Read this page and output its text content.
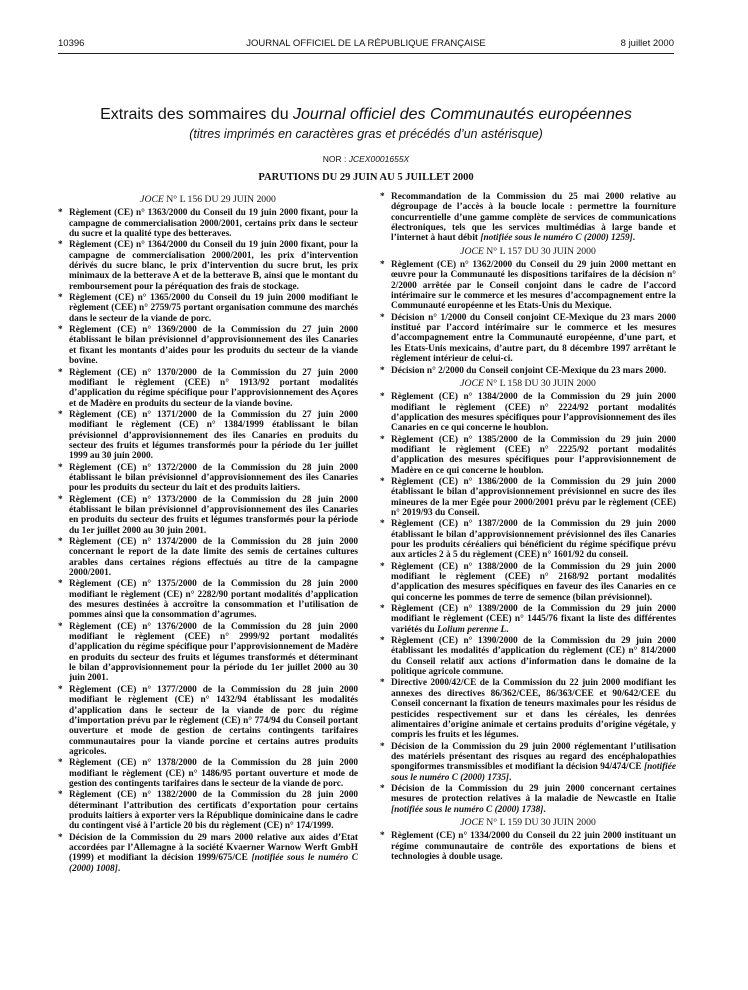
10396	JOURNAL OFFICIEL DE LA RÉPUBLIQUE FRANÇAISE	8 juillet 2000
Extraits des sommaires du Journal officiel des Communautés européennes
(titres imprimés en caractères gras et précédés d’un astérisque)
NOR : JCEX0001655X
PARUTIONS DU 29 JUIN AU 5 JUILLET 2000
JOCE N° L 156 DU 29 JUIN 2000
* Règlement (CE) n° 1363/2000 du Conseil du 19 juin 2000 fixant, pour la campagne de commercialisation 2000/2001, certains prix dans le secteur du sucre et la qualité type des betteraves.
* Règlement (CE) n° 1364/2000 du Conseil du 19 juin 2000 fixant, pour la campagne de commercialisation 2000/2001, les prix d’intervention dérivés du sucre blanc, le prix d’intervention du sucre brut, les prix minimaux de la betterave A et de la betterave B, ainsi que le montant du remboursement pour la péréquation des frais de stockage.
* Règlement (CE) n° 1365/2000 du Conseil du 19 juin 2000 modifiant le règlement (CEE) n° 2759/75 portant organisation commune des marchés dans le secteur de la viande de porc.
* Règlement (CE) n° 1369/2000 de la Commission du 27 juin 2000 établissant le bilan prévisionnel d’approvisionnement des îles Canaries et fixant les montants d’aides pour les produits du secteur de la viande bovine.
* Règlement (CE) n° 1370/2000 de la Commission du 27 juin 2000 modifiant le règlement (CEE) n° 1913/92 portant modalités d’application du régime spécifique pour l’approvisionnement des Açores et de Madère en produits du secteur de la viande bovine.
* Règlement (CE) n° 1371/2000 de la Commission du 27 juin 2000 modifiant le règlement (CE) n° 1384/1999 établissant le bilan prévisionnel d’approvisionnement des îles Canaries en produits du secteur des fruits et légumes transformés pour la période du 1er juillet 1999 au 30 juin 2000.
* Règlement (CE) n° 1372/2000 de la Commission du 28 juin 2000 établissant le bilan prévisionnel d’approvisionnement des îles Canaries pour les produits du secteur du lait et des produits laitiers.
* Règlement (CE) n° 1373/2000 de la Commission du 28 juin 2000 établissant le bilan prévisionnel d’approvisionnement des îles Canaries en produits du secteur des fruits et légumes transformés pour la période du 1er juillet 2000 au 30 juin 2001.
* Règlement (CE) n° 1374/2000 de la Commission du 28 juin 2000 concernant le report de la date limite des semis de certaines cultures arables dans certaines régions effectués au titre de la campagne 2000/2001.
* Règlement (CE) n° 1375/2000 de la Commission du 28 juin 2000 modifiant le règlement (CE) n° 2282/90 portant modalités d’application des mesures destinées à accroître la consommation et l’utilisation de pommes ainsi que la consommation d’agrumes.
* Règlement (CE) n° 1376/2000 de la Commission du 28 juin 2000 modifiant le règlement (CEE) n° 2999/92 portant modalités d’application du régime spécifique pour l’approvisionnement de Madère en produits du secteur des fruits et légumes transformés et déterminant le bilan d’approvisionnement pour la période du 1er juillet 2000 au 30 juin 2001.
* Règlement (CE) n° 1377/2000 de la Commission du 28 juin 2000 modifiant le règlement (CE) n° 1432/94 établissant les modalités d’application dans le secteur de la viande de porc du régime d’importation prévu par le règlement (CE) n° 774/94 du Conseil portant ouverture et mode de gestion de certains contingents tarifaires communautaires pour la viande porcine et certains autres produits agricoles.
* Règlement (CE) n° 1378/2000 de la Commission du 28 juin 2000 modifiant le règlement (CE) n° 1486/95 portant ouverture et mode de gestion des contingents tarifaires dans le secteur de la viande de porc.
* Règlement (CE) n° 1382/2000 de la Commission du 28 juin 2000 déterminant l’attribution des certificats d’exportation pour certains produits laitiers à exporter vers la République dominicaine dans le cadre du contingent visé à l’article 20 bis du règlement (CE) n° 174/1999.
* Décision de la Commission du 29 mars 2000 relative aux aides d’Etat accordées par l’Allemagne à la société Kvaerner Warnow Werft GmbH (1999) et modifiant la décision 1999/675/CE [notifiée sous le numéro C (2000) 1008].
* Recommandation de la Commission du 25 mai 2000 relative au dégroupage de l’accès à la boucle locale : permettre la fourniture concurrentielle d’une gamme complète de services de communications électroniques, tels que les services multimédias à large bande et l’internet à haut débit [notifiée sous le numéro C (2000) 1259].
JOCE N° L 157 DU 30 JUIN 2000
* Règlement (CE) n° 1362/2000 du Conseil du 29 juin 2000 mettant en œuvre pour la Communauté les dispositions tarifaires de la décision n° 2/2000 arrêtée par le Conseil conjoint dans le cadre de l’accord intérimaire sur le commerce et les mesures d’accompagnement entre la Communauté européenne et les Etats-Unis du Mexique.
* Décision n° 1/2000 du Conseil conjoint CE-Mexique du 23 mars 2000 institué par l’accord intérimaire sur le commerce et les mesures d’accompagnement entre la Communauté européenne, d’une part, et les Etats-Unis mexicains, d’autre part, du 8 décembre 1997 arrêtant le règlement intérieur de celui-ci.
* Décision n° 2/2000 du Conseil conjoint CE-Mexique du 23 mars 2000.
JOCE N° L 158 DU 30 JUIN 2000
* Règlement (CE) n° 1384/2000 de la Commission du 29 juin 2000 modifiant le règlement (CEE) n° 2224/92 portant modalités d’application des mesures spécifiques pour l’approvisionnement des îles Canaries en ce qui concerne le houblon.
* Règlement (CE) n° 1385/2000 de la Commission du 29 juin 2000 modifiant le règlement (CEE) n° 2225/92 portant modalités d’application des mesures spécifiques pour l’approvisionnement de Madère en ce qui concerne le houblon.
* Règlement (CE) n° 1386/2000 de la Commission du 29 juin 2000 établissant le bilan d’approvisionnement prévisionnel en sucre des îles mineures de la mer Egée pour 2000/2001 prévu par le règlement (CEE) n° 2019/93 du Conseil.
* Règlement (CE) n° 1387/2000 de la Commission du 29 juin 2000 établissant le bilan d’approvisionnement prévisionnel des îles Canaries pour les produits céréaliers qui bénéficient du régime spécifique prévu aux articles 2 à 5 du règlement (CEE) n° 1601/92 du conseil.
* Règlement (CE) n° 1388/2000 de la Commission du 29 juin 2000 modifiant le règlement (CEE) n° 2168/92 portant modalités d’application des mesures spécifiques en faveur des îles Canaries en ce qui concerne les pommes de terre de semence (bilan prévisionnel).
* Règlement (CE) n° 1389/2000 de la Commission du 29 juin 2000 modifiant le règlement (CEE) n° 1445/76 fixant la liste des différentes variétés du Lolium perenne L.
* Règlement (CE) n° 1390/2000 de la Commission du 29 juin 2000 établissant les modalités d’application du règlement (CE) n° 814/2000 du Conseil relatif aux actions d’information dans le domaine de la politique agricole commune.
* Directive 2000/42/CE de la Commission du 22 juin 2000 modifiant les annexes des directives 86/362/CEE, 86/363/CEE et 90/642/CEE du Conseil concernant la fixation de teneurs maximales pour les résidus de pesticides respectivement sur et dans les céréales, les denrées alimentaires d’origine animale et certains produits d’origine végétale, y compris les fruits et les légumes.
* Décision de la Commission du 29 juin 2000 réglementant l’utilisation des matériels présentant des risques au regard des encéphalopathies spongiformes transmissibles et modifiant la décision 94/474/CE [notifiée sous le numéro C (2000) 1735].
* Décision de la Commission du 29 juin 2000 concernant certaines mesures de protection relatives à la maladie de Newcastle en Italie [notifiée sous le numéro C (2000) 1738].
JOCE N° L 159 DU 30 JUIN 2000
* Règlement (CE) n° 1334/2000 du Conseil du 22 juin 2000 instituant un régime communautaire de contrôle des exportations de biens et technologies à double usage.
